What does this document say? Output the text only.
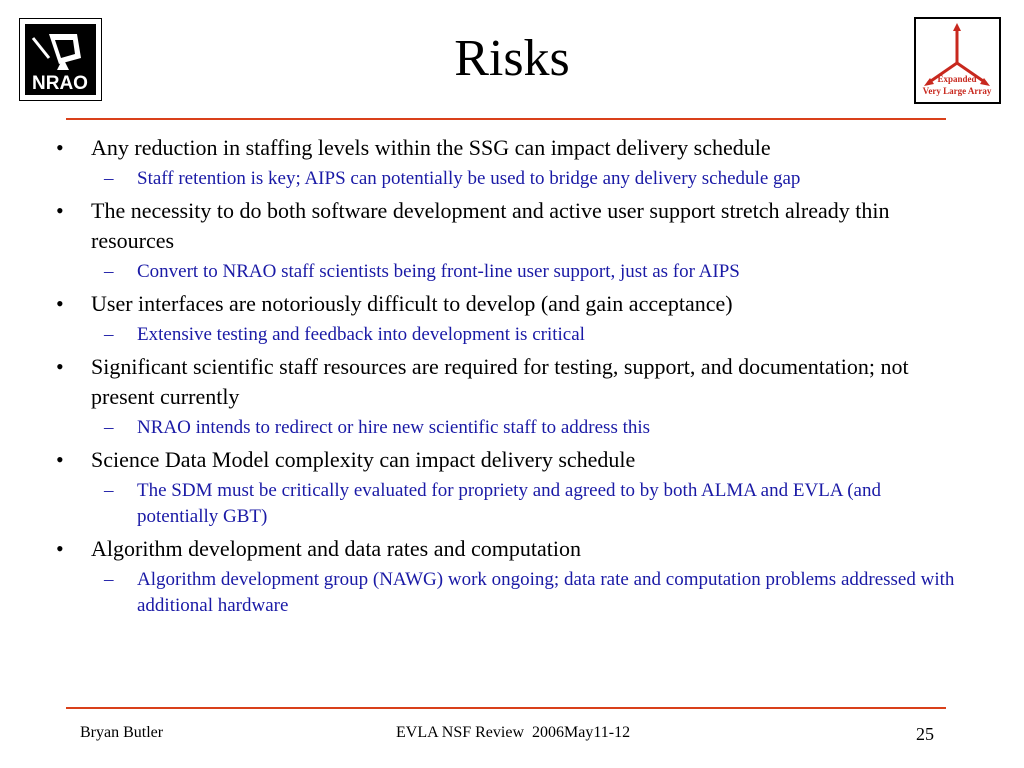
NRAO	Expanded
Very Large Array
Risks
• Any reduction in staffing levels within the SSG can impact delivery schedule
– Staff retention is key; AIPS can potentially be used to bridge any delivery schedule gap
• The necessity to do both software development and active user support stretch already thin resources
– Convert to NRAO staff scientists being front-line user support, just as for AIPS
• User interfaces are notoriously difficult to develop (and gain acceptance)
– Extensive testing and feedback into development is critical
• Significant scientific staff resources are required for testing, support, and documentation; not present currently
– NRAO intends to redirect or hire new scientific staff to address this
• Science Data Model complexity can impact delivery schedule
– The SDM must be critically evaluated for propriety and agreed to by both ALMA and EVLA (and potentially GBT)
• Algorithm development and data rates and computation
– Algorithm development group (NAWG) work ongoing; data rate and computation problems addressed with additional hardware
Bryan Butler	EVLA NSF Review  2006May11-12	25
